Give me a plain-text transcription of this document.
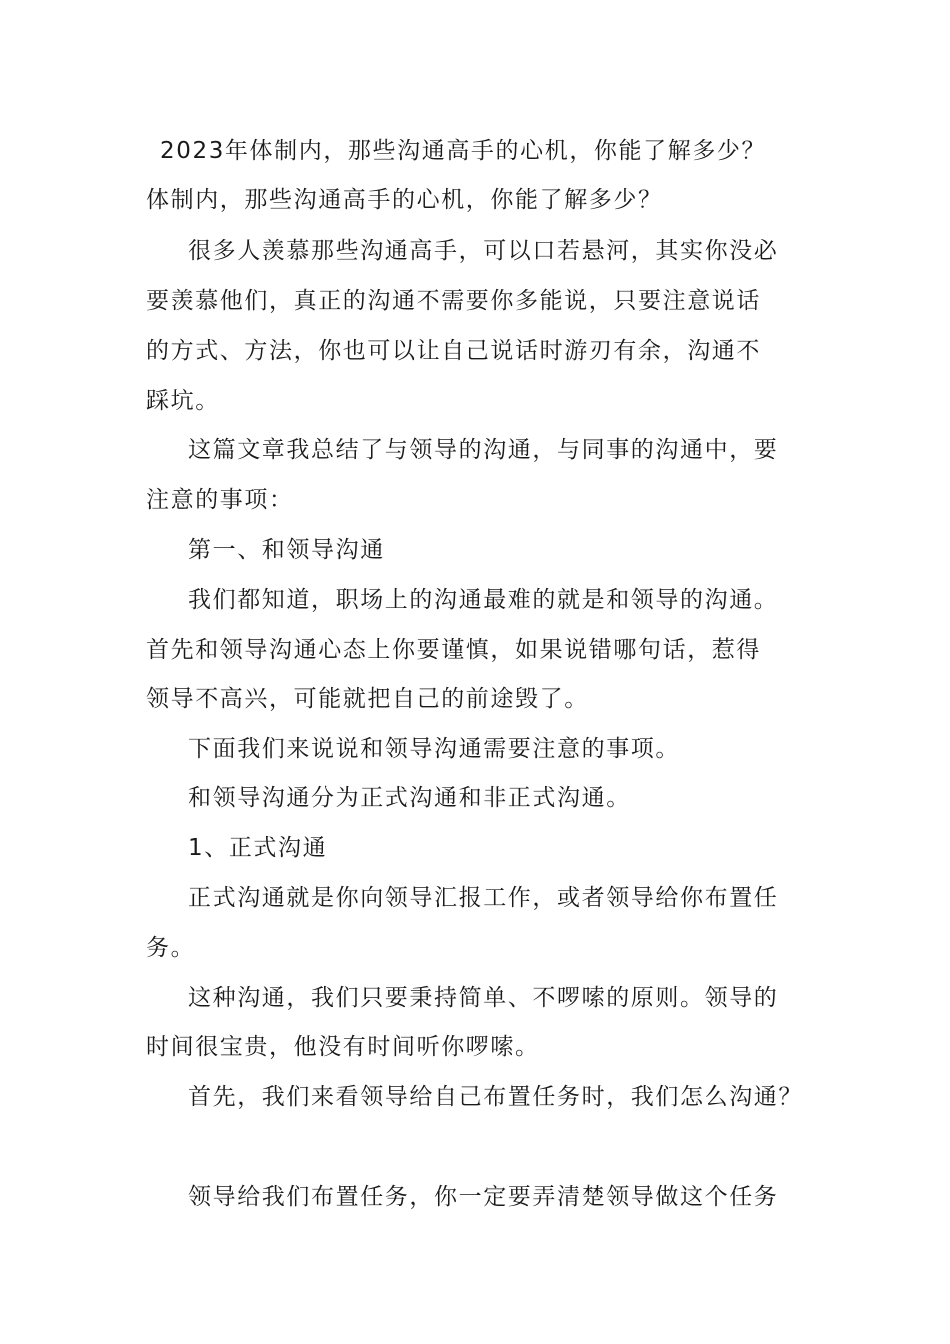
2023年体制内，那些沟通高手的心机，你能了解多少？
体制内，那些沟通高手的心机，你能了解多少？
很多人羡慕那些沟通高手，可以口若悬河，其实你没必
要羡慕他们，真正的沟通不需要你多能说，只要注意说话
的方式、方法，你也可以让自己说话时游刃有余，沟通不
踩坑。
这篇文章我总结了与领导的沟通，与同事的沟通中，要
注意的事项：
第一、和领导沟通
我们都知道，职场上的沟通最难的就是和领导的沟通。
首先和领导沟通心态上你要谨慎，如果说错哪句话，惹得
领导不高兴，可能就把自己的前途毁了。
下面我们来说说和领导沟通需要注意的事项。
和领导沟通分为正式沟通和非正式沟通。
1、正式沟通
正式沟通就是你向领导汇报工作，或者领导给你布置任
务。
这种沟通，我们只要秉持简单、不啰嗦的原则。领导的
时间很宝贵，他没有时间听你啰嗦。
首先，我们来看领导给自己布置任务时，我们怎么沟通？
领导给我们布置任务，你一定要弄清楚领导做这个任务
